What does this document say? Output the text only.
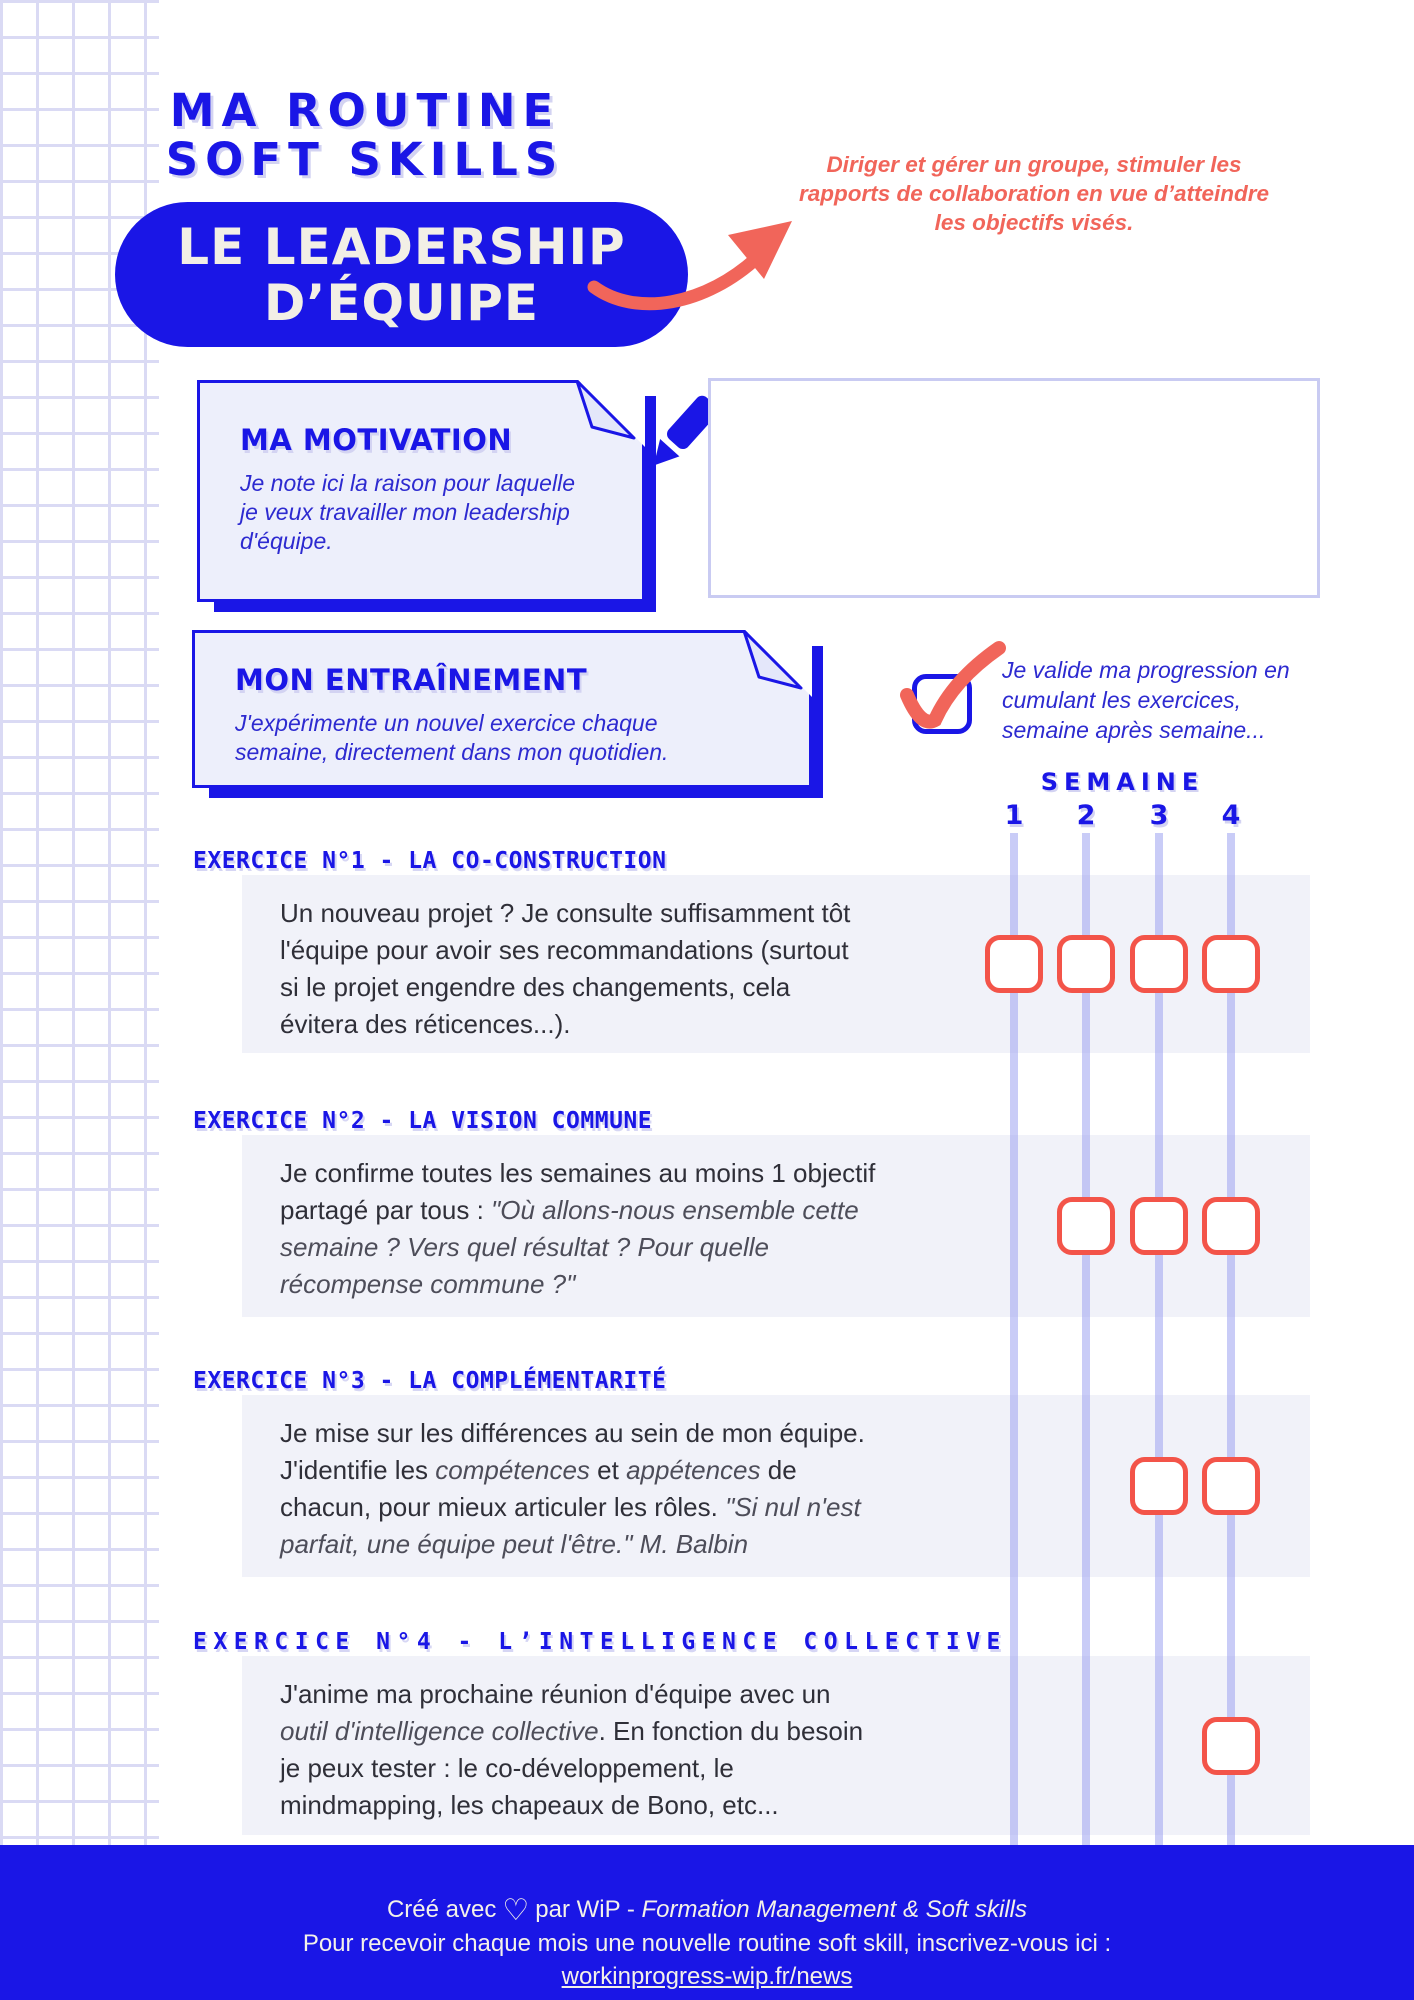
MA ROUTINE
SOFT SKILLS
LE LEADERSHIP
D’ÉQUIPE
Diriger et gérer un groupe, stimuler les rapports de collaboration en vue d’atteindre les objectifs visés.
MA MOTIVATION

Je note ici la raison pour laquelle je veux travailler mon leadership d'équipe.

MON ENTRAÎNEMENT

J'expérimente un nouvel exercice chaque semaine, directement dans mon quotidien.

Je valide ma progression en cumulant les exercices, semaine après semaine...
SEMAINE
1	2	3	4
EXERCICE N°1 - LA CO-CONSTRUCTION
Un nouveau projet ? Je consulte suffisamment tôt
l'équipe pour avoir ses recommandations (surtout
si le projet engendre des changements, cela
évitera des réticences...).
EXERCICE N°2 - LA VISION COMMUNE
Je confirme toutes les semaines au moins 1 objectif
partagé par tous : "Où allons-nous ensemble cette
semaine ? Vers quel résultat ? Pour quelle
récompense commune ?"
EXERCICE N°3 - LA COMPLÉMENTARITÉ
Je mise sur les différences au sein de mon équipe.
J'identifie les compétences et appétences de
chacun, pour mieux articuler les rôles. "Si nul n'est
parfait, une équipe peut l'être." M. Balbin
EXERCICE N°4 - L’INTELLIGENCE COLLECTIVE
J'anime ma prochaine réunion d'équipe avec un
outil d'intelligence collective. En fonction du besoin
je peux tester : le co-développement, le
mindmapping, les chapeaux de Bono, etc...
Créé avec ♡ par WiP - Formation Management & Soft skills
Pour recevoir chaque mois une nouvelle routine soft skill, inscrivez-vous ici :
workinprogress-wip.fr/news
